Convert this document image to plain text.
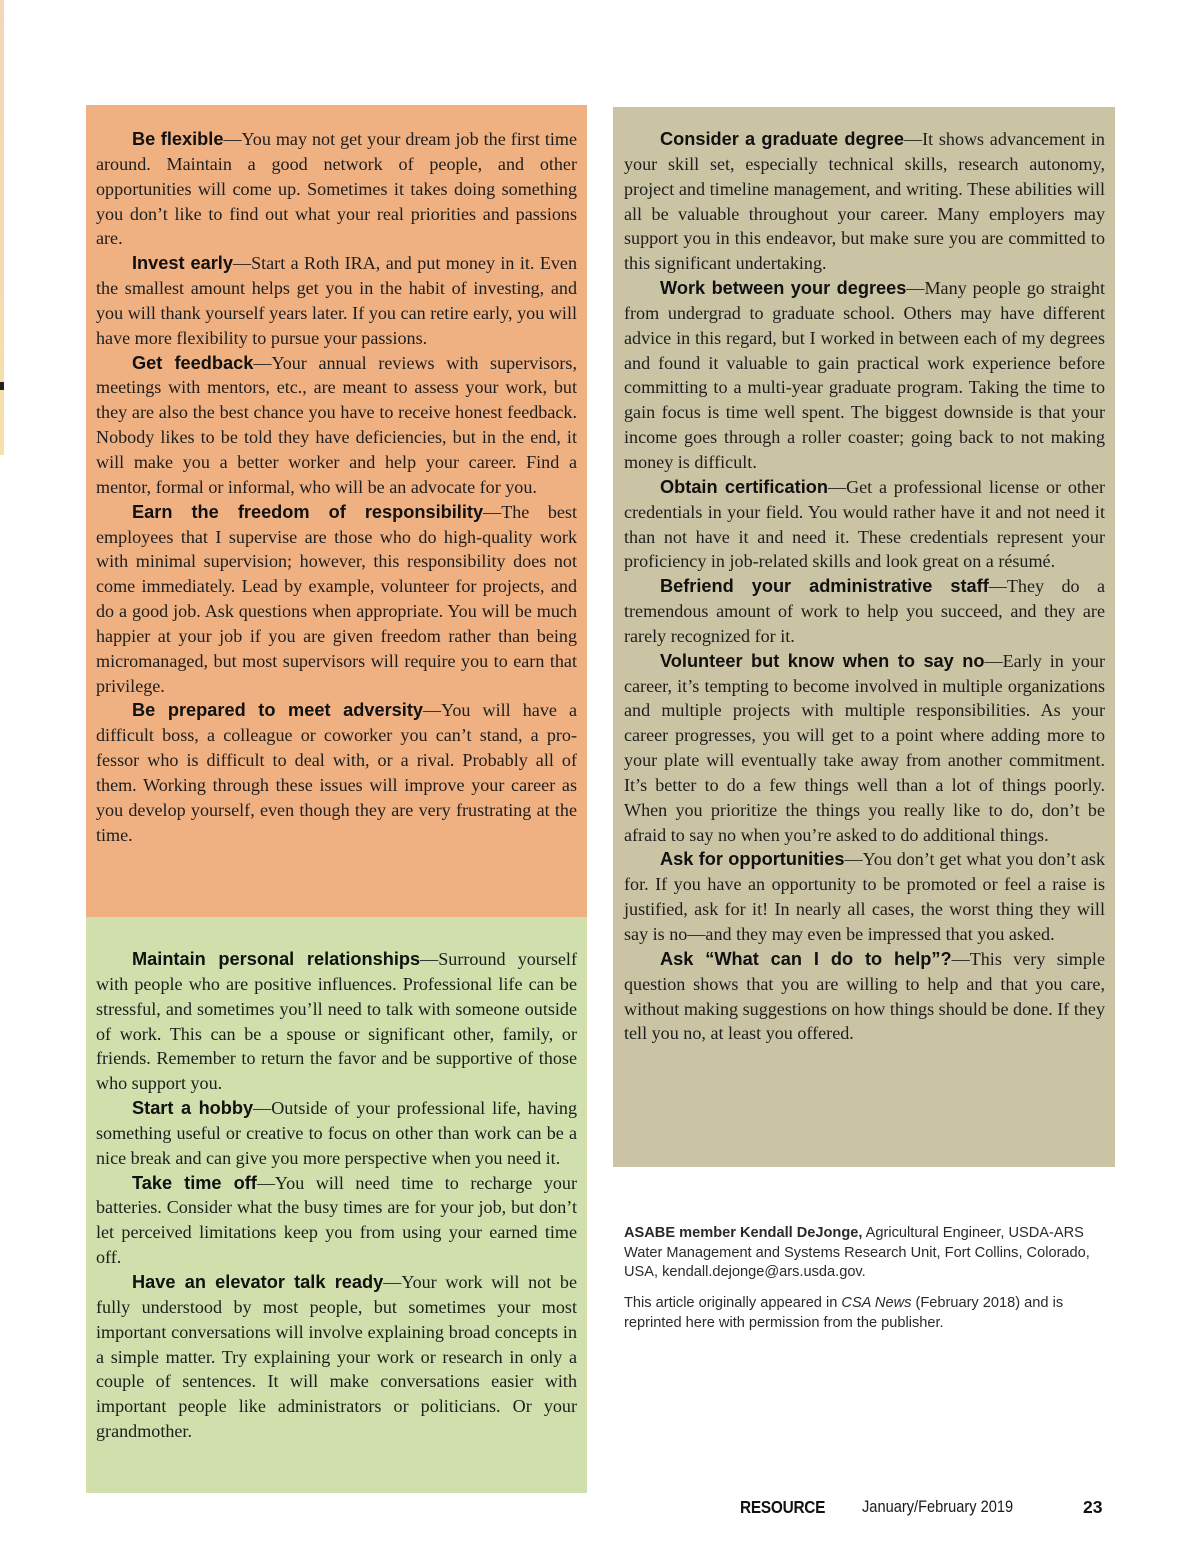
Be flexible—You may not get your dream job the first time around. Maintain a good network of people, and other opportunities will come up. Sometimes it takes doing something you don’t like to find out what your real priorities and passions are.

Invest early—Start a Roth IRA, and put money in it. Even the smallest amount helps get you in the habit of investing, and you will thank yourself years later. If you can retire early, you will have more flexibility to pursue your passions.

Get feedback—Your annual reviews with supervisors, meetings with mentors, etc., are meant to assess your work, but they are also the best chance you have to receive honest feedback. Nobody likes to be told they have deficiencies, but in the end, it will make you a better worker and help your career. Find a mentor, formal or informal, who will be an advocate for you.

Earn the freedom of responsibility—The best employees that I supervise are those who do high-quality work with minimal supervision; however, this responsibility does not come immediately. Lead by example, volunteer for projects, and do a good job. Ask questions when appropriate. You will be much happier at your job if you are given freedom rather than being micromanaged, but most supervisors will require you to earn that privilege.

Be prepared to meet adversity—You will have a difficult boss, a colleague or coworker you can’t stand, a professor who is difficult to deal with, or a rival. Probably all of them. Working through these issues will improve your career as you develop yourself, even though they are very frustrating at the time.

Maintain personal relationships—Surround yourself with people who are positive influences. Professional life can be stressful, and sometimes you’ll need to talk with someone outside of work. This can be a spouse or significant other, family, or friends. Remember to return the favor and be supportive of those who support you.

Start a hobby—Outside of your professional life, having something useful or creative to focus on other than work can be a nice break and can give you more perspective when you need it.

Take time off—You will need time to recharge your batteries. Consider what the busy times are for your job, but don’t let perceived limitations keep you from using your earned time off.

Have an elevator talk ready—Your work will not be fully understood by most people, but sometimes your most important conversations will involve explaining broad concepts in a simple matter. Try explaining your work or research in only a couple of sentences. It will make conversations easier with important people like administrators or politicians. Or your grandmother.

Consider a graduate degree—It shows advancement in your skill set, especially technical skills, research autonomy, project and timeline management, and writing. These abilities will all be valuable throughout your career. Many employers may support you in this endeavor, but make sure you are committed to this significant undertaking.

Work between your degrees—Many people go straight from undergrad to graduate school. Others may have different advice in this regard, but I worked in between each of my degrees and found it valuable to gain practical work experience before committing to a multi-year graduate program. Taking the time to gain focus is time well spent. The biggest downside is that your income goes through a roller coaster; going back to not making money is difficult.

Obtain certification—Get a professional license or other credentials in your field. You would rather have it and not need it than not have it and need it. These credentials represent your proficiency in job-related skills and look great on a résumé.

Befriend your administrative staff—They do a tremendous amount of work to help you succeed, and they are rarely recognized for it.

Volunteer but know when to say no—Early in your career, it’s tempting to become involved in multiple organizations and multiple projects with multiple responsibilities. As your career progresses, you will get to a point where adding more to your plate will eventually take away from another commitment. It’s better to do a few things well than a lot of things poorly. When you prioritize the things you really like to do, don’t be afraid to say no when you’re asked to do additional things.

Ask for opportunities—You don’t get what you don’t ask for. If you have an opportunity to be promoted or feel a raise is justified, ask for it! In nearly all cases, the worst thing they will say is no—and they may even be impressed that you asked.

Ask “What can I do to help”?—This very simple question shows that you are willing to help and that you care, without making suggestions on how things should be done. If they tell you no, at least you offered.

ASABE member Kendall DeJonge, Agricultural Engineer, USDA-ARS Water Management and Systems Research Unit, Fort Collins, Colorado, USA, kendall.dejonge@ars.usda.gov.

This article originally appeared in CSA News (February 2018) and is reprinted here with permission from the publisher.

RESOURCE January/February 2019	23
